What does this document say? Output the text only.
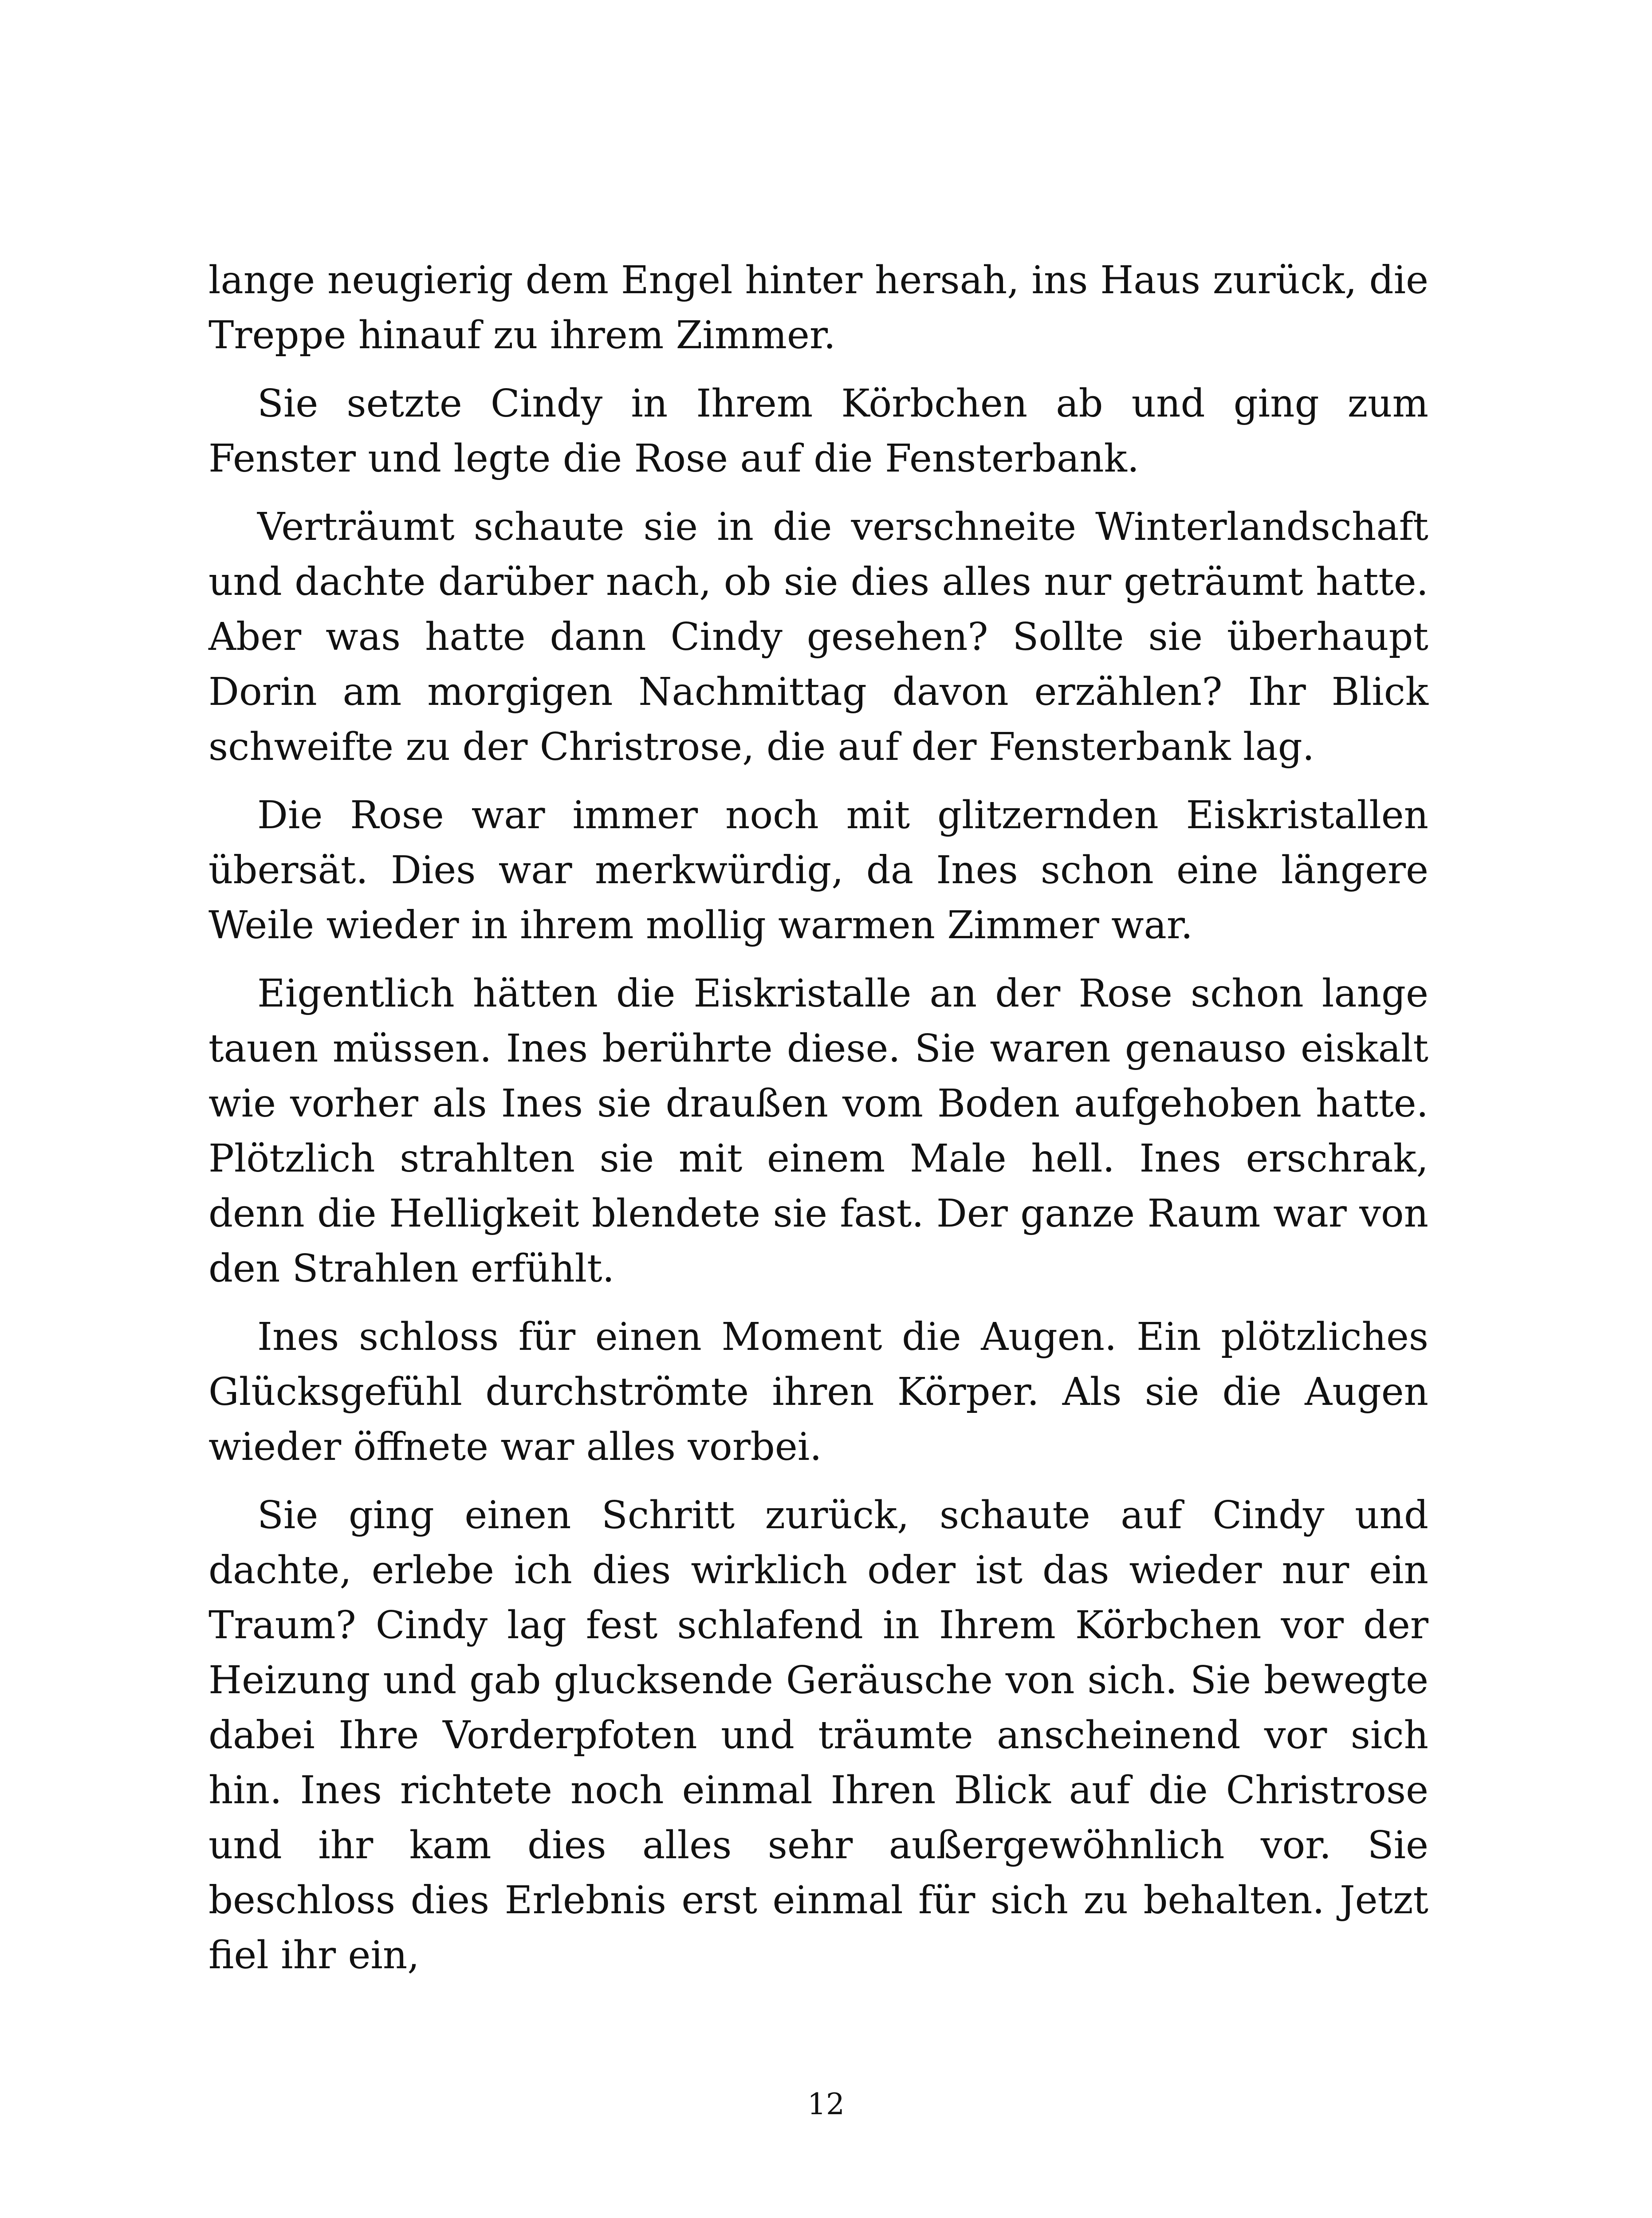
lange neugierig dem Engel hinter hersah, ins Haus zurück, die Treppe hinauf zu ihrem Zimmer.

Sie setzte Cindy in Ihrem Körbchen ab und ging zum Fenster und legte die Rose auf die Fensterbank.

Verträumt schaute sie in die verschneite Winterlandschaft und dachte darüber nach, ob sie dies alles nur geträumt hatte. Aber was hatte dann Cindy gesehen? Sollte sie überhaupt Dorin am morgigen Nachmittag davon erzählen? Ihr Blick schweifte zu der Christrose, die auf der Fensterbank lag.

Die Rose war immer noch mit glitzernden Eiskristallen übersät. Dies war merkwürdig, da Ines schon eine längere Weile wieder in ihrem mollig warmen Zimmer war.

Eigentlich hätten die Eiskristalle an der Rose schon lange tauen müssen. Ines berührte diese. Sie waren genauso eiskalt wie vorher als Ines sie draußen vom Boden aufgehoben hatte. Plötzlich strahlten sie mit einem Male hell. Ines erschrak, denn die Helligkeit blendete sie fast. Der ganze Raum war von den Strahlen erfühlt.

Ines schloss für einen Moment die Augen. Ein plötzliches Glücksgefühl durchströmte ihren Körper. Als sie die Augen wieder öffnete war alles vorbei.

Sie ging einen Schritt zurück, schaute auf Cindy und dachte, erlebe ich dies wirklich oder ist das wieder nur ein Traum? Cindy lag fest schlafend in Ihrem Körbchen vor der Heizung und gab glucksende Geräusche von sich. Sie bewegte dabei Ihre Vorderpfoten und träumte anscheinend vor sich hin. Ines richtete noch einmal Ihren Blick auf die Christrose und ihr kam dies alles sehr außergewöhnlich vor. Sie beschloss dies Erlebnis erst einmal für sich zu behalten. Jetzt fiel ihr ein,

12
